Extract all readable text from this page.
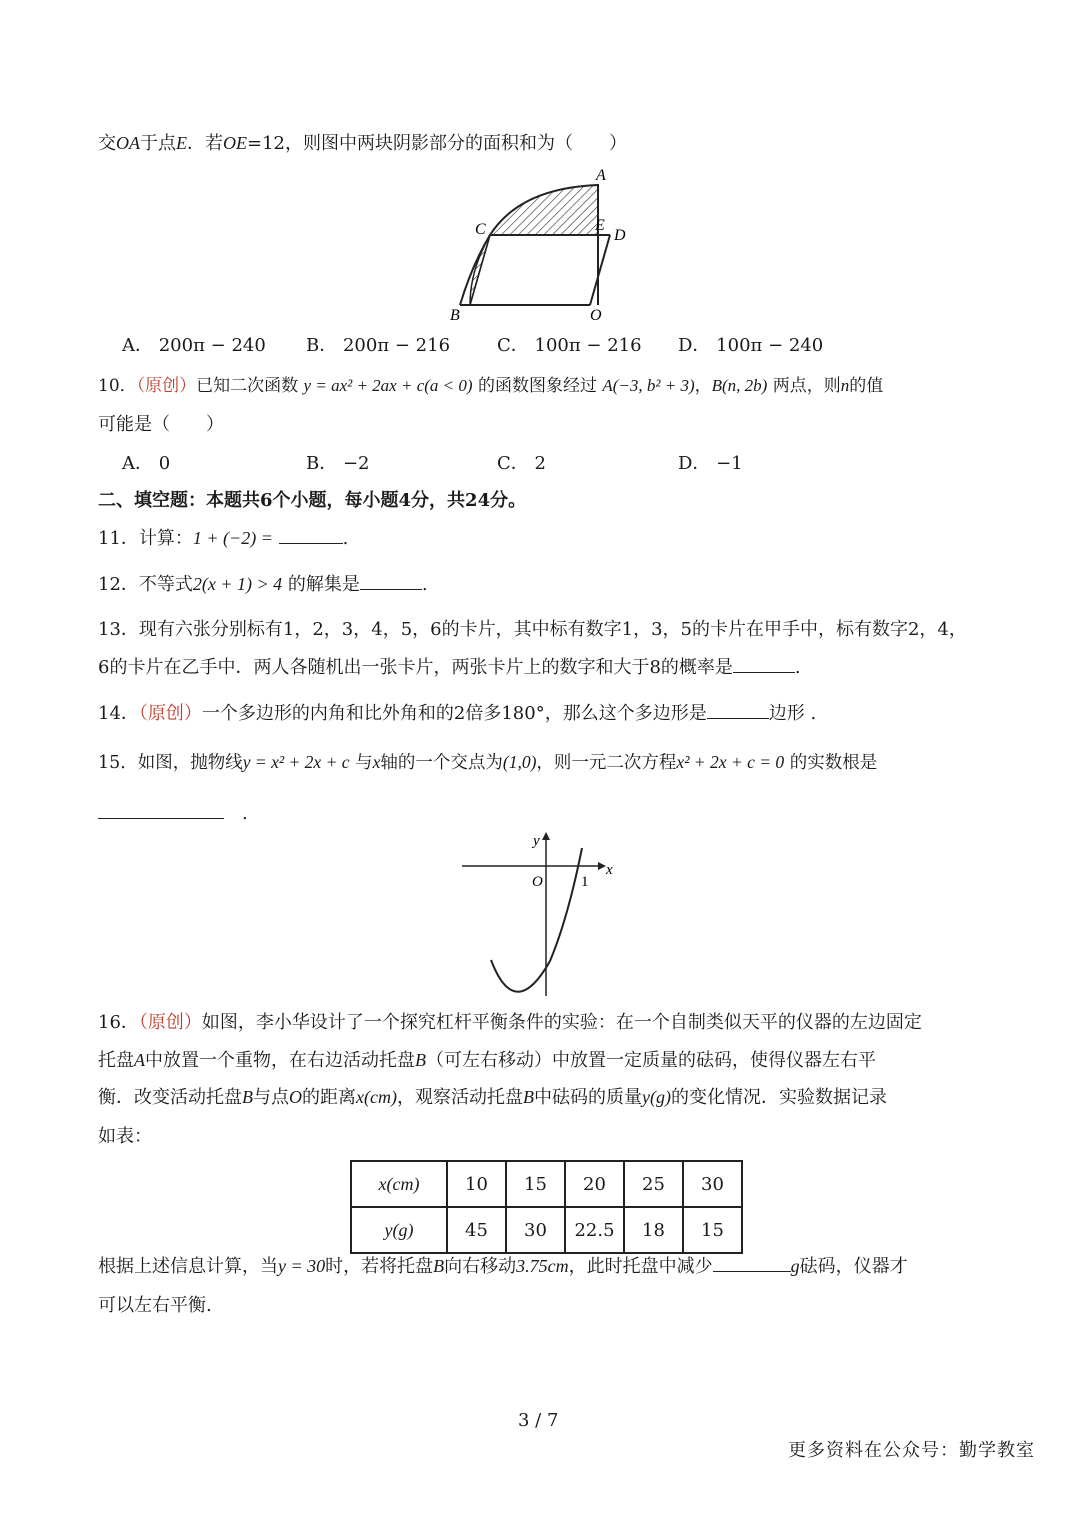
交OA于点E．若OE=12，则图中两块阴影部分的面积和为（　　）
A
C	E
D
B	O
A． 200π − 240 B． 200π − 216	C． 100π − 216 D． 100π − 240
10．（原创）已知二次函数 y = ax² + 2ax + c(a < 0) 的函数图象经过 A(−3, b² + 3)，B(n, 2b) 两点，则n的值
可能是（　　）
A． 0	B． −2	C． 2	D． −1
二、填空题：本题共6个小题，每小题4分，共24分。
11．计算：1 + (−2) =	.
12．不等式2(x + 1) > 4 的解集是	.
13．现有六张分别标有1，2，3，4，5，6的卡片，其中标有数字1，3，5的卡片在甲手中，标有数字2，4，
6的卡片在乙手中．两人各随机出一张卡片，两张卡片上的数字和大于8的概率是	.
14．（原创）一个多边形的内角和比外角和的2倍多180°，那么这个多边形是	边形 .
15．如图，抛物线y = x² + 2x + c 与x轴的一个交点为(1,0)，则一元二次方程x² + 2x + c = 0 的实数根是
　.
y
x
O	1
16．（原创）如图，李小华设计了一个探究杠杆平衡条件的实验：在一个自制类似天平的仪器的左边固定
托盘A中放置一个重物，在右边活动托盘B（可左右移动）中放置一定质量的砝码，使得仪器左右平
衡．改变活动托盘B与点O的距离x(cm)，观察活动托盘B中砝码的质量y(g)的变化情况．实验数据记录
如表：
x(cm)	10	15	20	25	30
y(g)	45	30	22.5	18	15
根据上述信息计算，当y = 30时，若将托盘B向右移动3.75cm，此时托盘中减少	g砝码，仪器才
可以左右平衡.
3 / 7
更多资料在公众号：勤学教室
